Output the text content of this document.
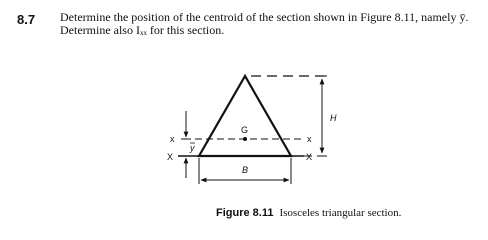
8.7 Determine the position of the centroid of the section shown in Figure 8.11, namely ȳ.
Determine also Iₓₓ for this section.
H
G
x	x
X	X
y
B
Figure 8.11 Isosceles triangular section.
